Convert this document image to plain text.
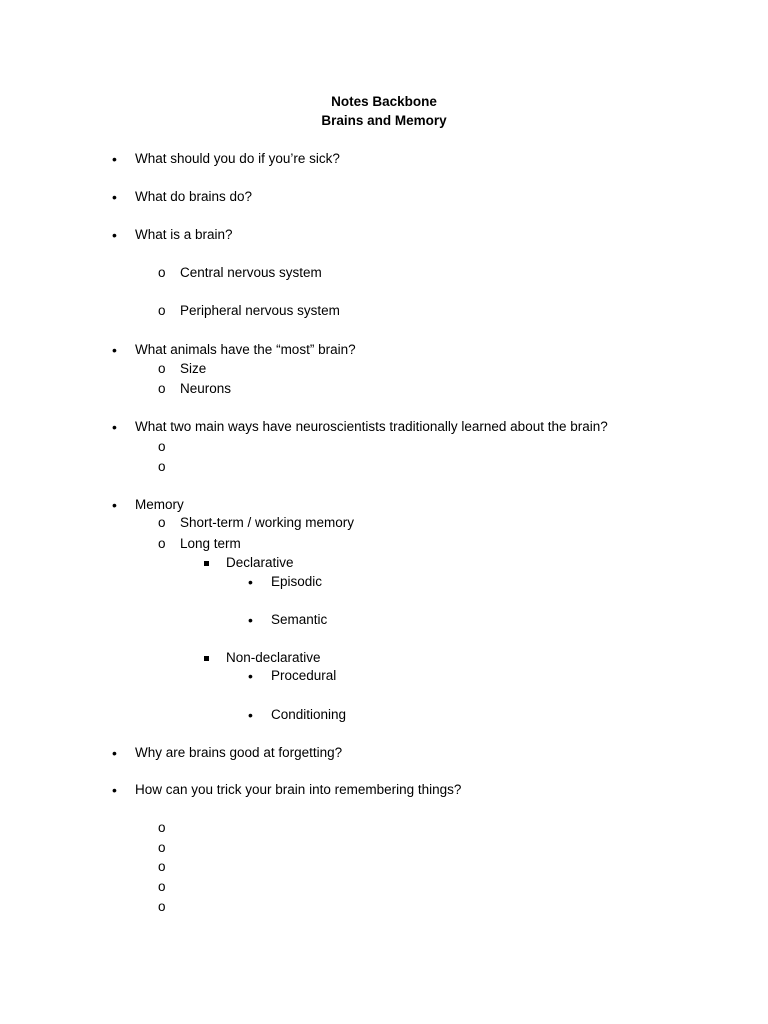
Notes Backbone
Brains and Memory
• What should you do if you’re sick?
• What do brains do?
• What is a brain?
o Central nervous system
o Peripheral nervous system
• What animals have the “most” brain?
o Size
o Neurons
• What two main ways have neuroscientists traditionally learned about the brain?
o
o
• Memory
o Short-term / working memory
o Long term
Declarative
• Episodic
• Semantic
Non-declarative
• Procedural
• Conditioning
• Why are brains good at forgetting?
• How can you trick your brain into remembering things?
o
o
o
o
o
